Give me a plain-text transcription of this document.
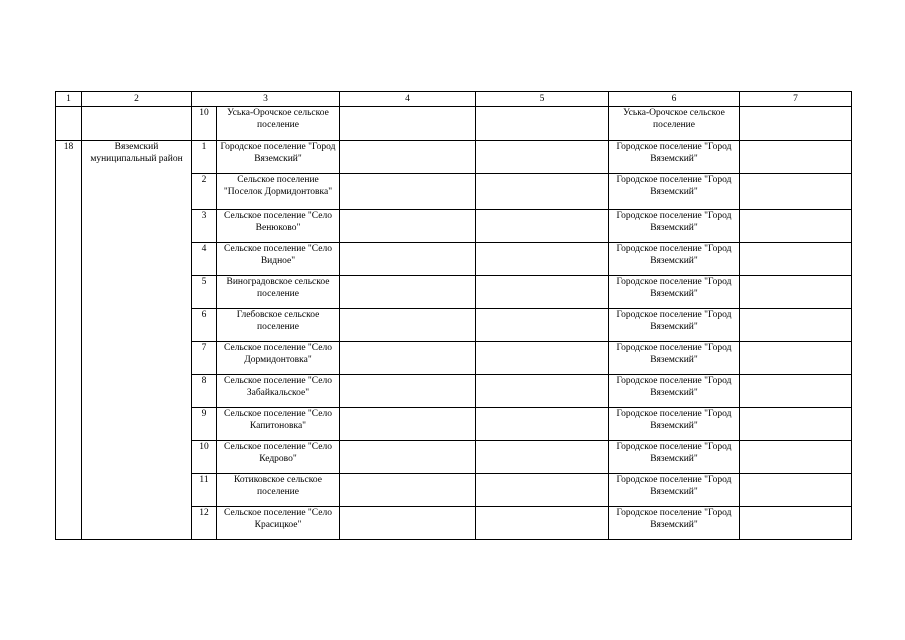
1	2	3		4	5	6	7
		10	Уська-Орочское сельское поселение			Уська-Орочское сельское поселение	
18	Вяземский муниципальный район	1	Городское поселение "Город Вяземский"			Городское поселение "Город Вяземский"	
		2	Сельское поселение "Поселок Дормидонтовка"			Городское поселение "Город Вяземский"	
		3	Сельское поселение "Село Венюково"			Городское поселение "Город Вяземский"	
		4	Сельское поселение "Село Видное"			Городское поселение "Город Вяземский"	
		5	Виноградовское сельское поселение			Городское поселение "Город Вяземский"	
		6	Глебовское сельское поселение			Городское поселение "Город Вяземский"	
		7	Сельское поселение "Село Дормидонтовка"			Городское поселение "Город Вяземский"	
		8	Сельское поселение "Село Забайкальское"			Городское поселение "Город Вяземский"	
		9	Сельское поселение "Село Капитоновка"			Городское поселение "Город Вяземский"	
		10	Сельское поселение "Село Кедрово"			Городское поселение "Город Вяземский"	
		11	Котиковское сельское поселение			Городское поселение "Город Вяземский"	
		12	Сельское поселение "Село Красицкое"			Городское поселение "Город Вяземский"	
